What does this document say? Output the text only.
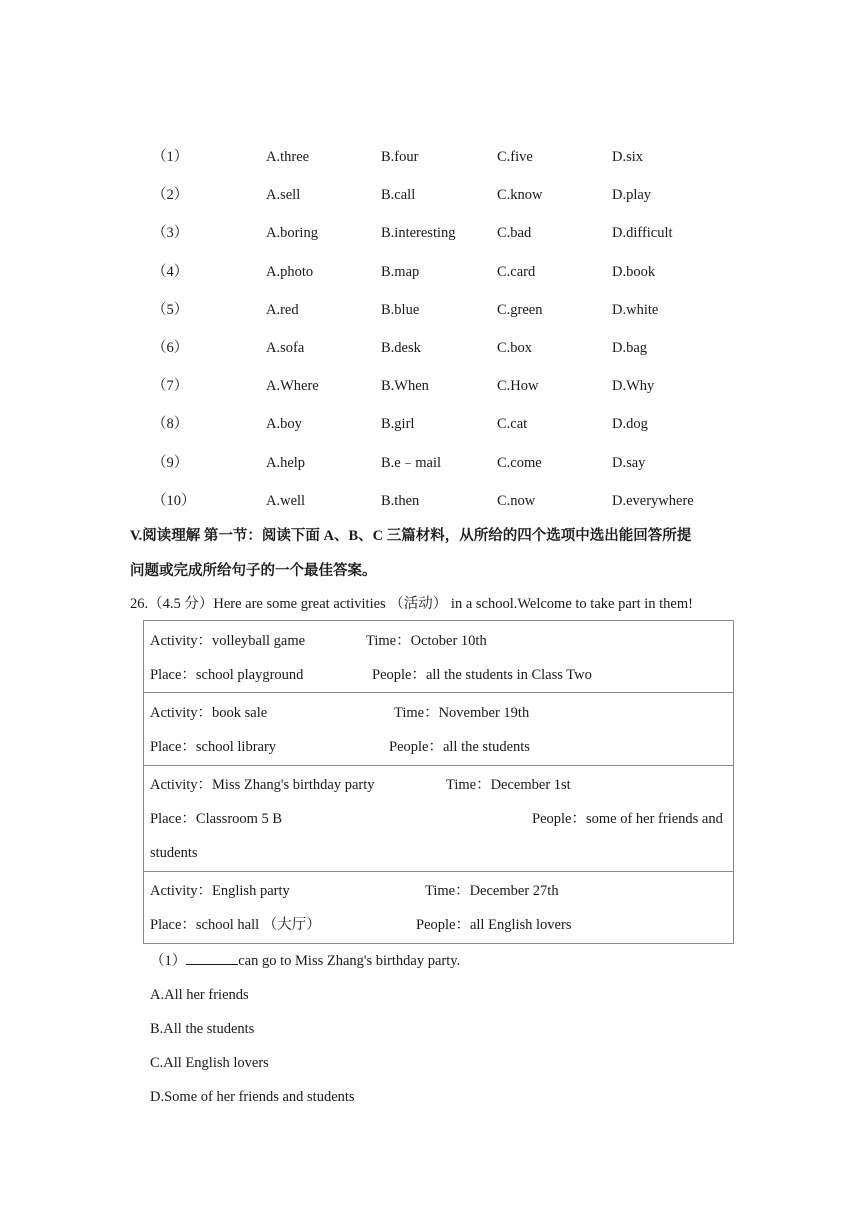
（1）	A.three	B.four	C.five	D.six
（2）	A.sell	B.call	C.know	D.play
（3）	A.boring	B.interesting	C.bad	D.difficult
（4）	A.photo	B.map	C.card	D.book
（5）	A.red	B.blue	C.green	D.white
（6）	A.sofa	B.desk	C.box	D.bag
（7）	A.Where	B.When	C.How	D.Why
（8）	A.boy	B.girl	C.cat	D.dog
（9）	A.help	B.e﹣mail	C.come	D.say
（10）	A.well	B.then	C.now	D.everywhere
V.阅读理解 第一节：阅读下面 A、B、C 三篇材料，从所给的四个选项中选出能回答所提
问题或完成所给句子的一个最佳答案。
26.（4.5 分）Here are some great activities （活动） in a school.Welcome to take part in them!
Activity：volleyball game	Time：October 10th
Place：school playground	People：all the students in Class Two

Activity：book sale	Time：November 19th
Place：school library	People：all the students

Activity：Miss Zhang's birthday party	Time：December 1st
Place：Classroom 5 B	People：some of her friends and
students

Activity：English party	Time：December 27th
Place：school hall （大厅）	People：all English lovers
（1）	can go to Miss Zhang's birthday party.
A.All her friends
B.All the students
C.All English lovers
D.Some of her friends and students
